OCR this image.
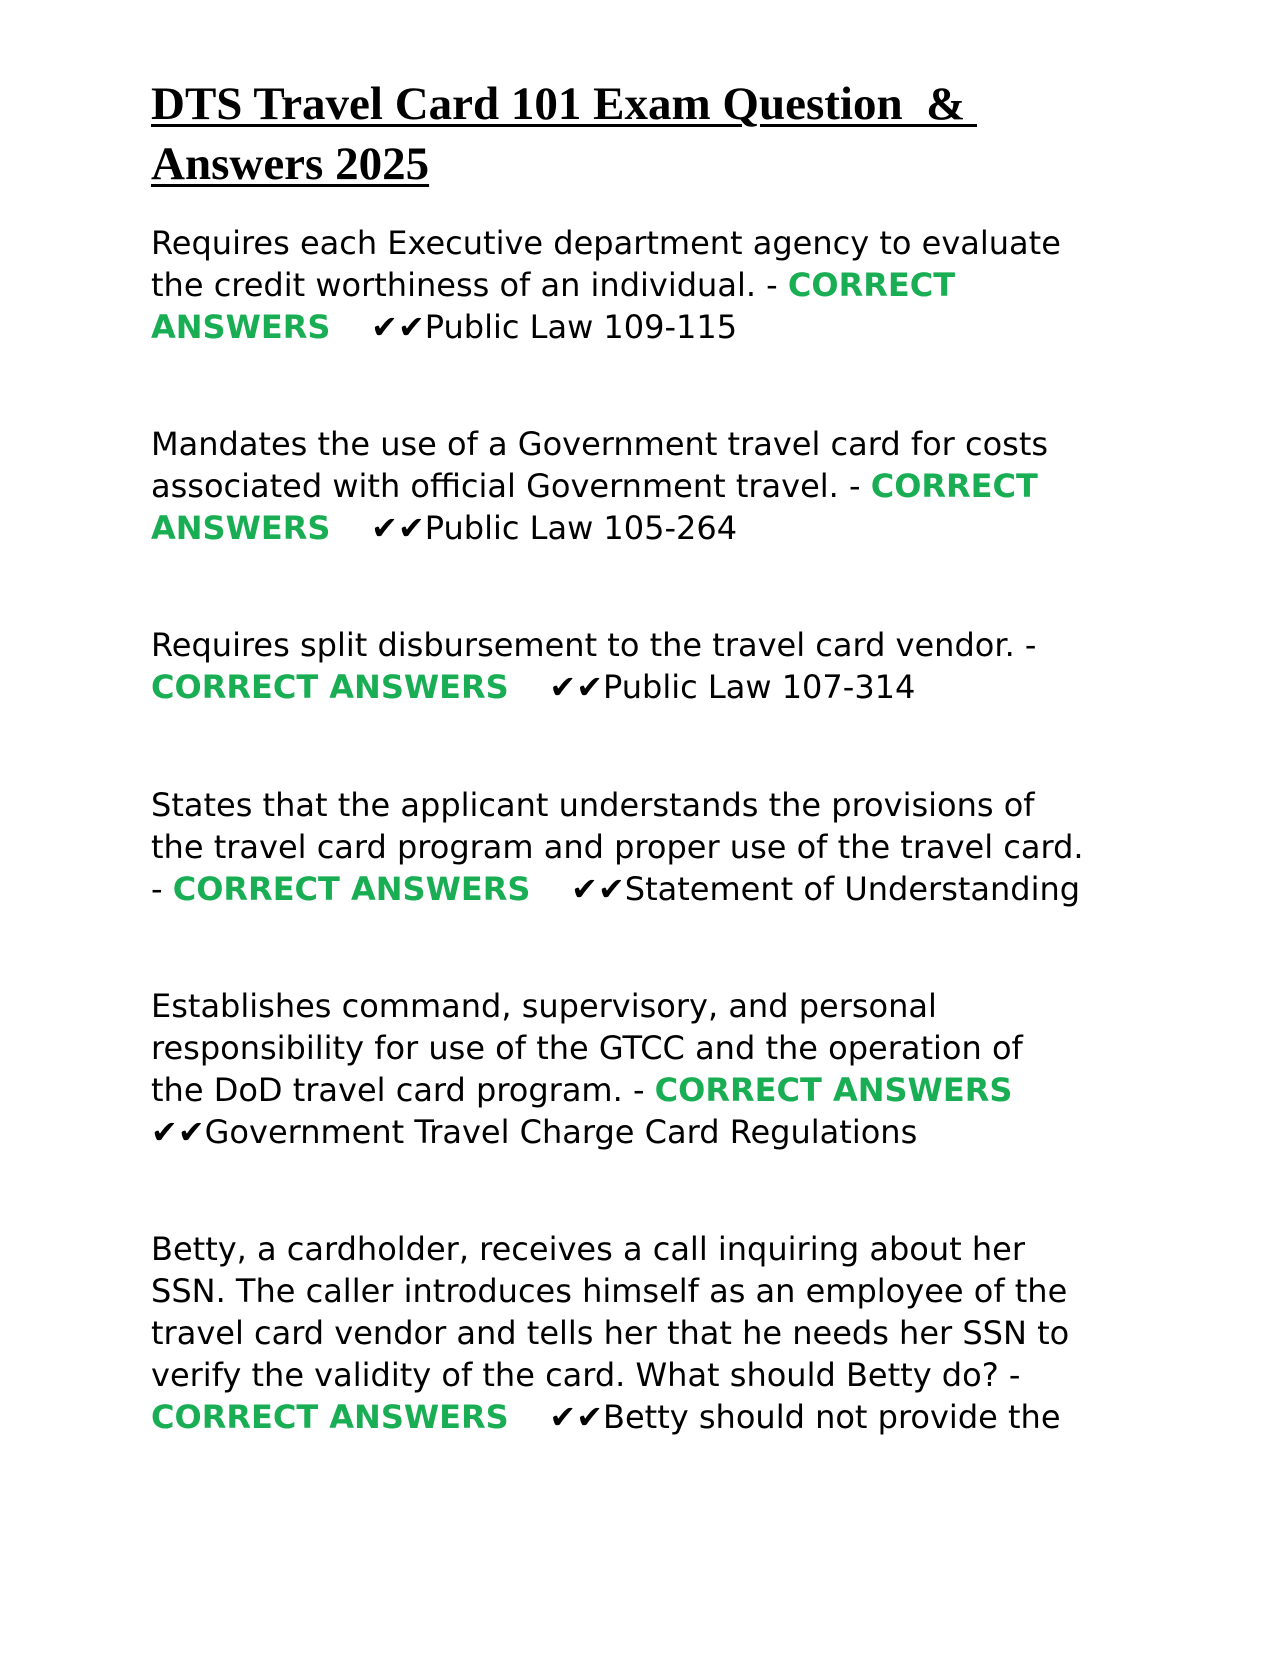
DTS Travel Card 101 Exam Question  &
Answers 2025
Requires each Executive department agency to evaluate
the credit worthiness of an individual. - CORRECT
ANSWERS ✔✔Public Law 109-115
Mandates the use of a Government travel card for costs
associated with official Government travel. - CORRECT
ANSWERS ✔✔Public Law 105-264
Requires split disbursement to the travel card vendor. -
CORRECT ANSWERS ✔✔Public Law 107-314
States that the applicant understands the provisions of
the travel card program and proper use of the travel card.
- CORRECT ANSWERS ✔✔Statement of Understanding
Establishes command, supervisory, and personal
responsibility for use of the GTCC and the operation of
the DoD travel card program. - CORRECT ANSWERS
✔✔Government Travel Charge Card Regulations
Betty, a cardholder, receives a call inquiring about her
SSN. The caller introduces himself as an employee of the
travel card vendor and tells her that he needs her SSN to
verify the validity of the card. What should Betty do? -
CORRECT ANSWERS ✔✔Betty should not provide the
